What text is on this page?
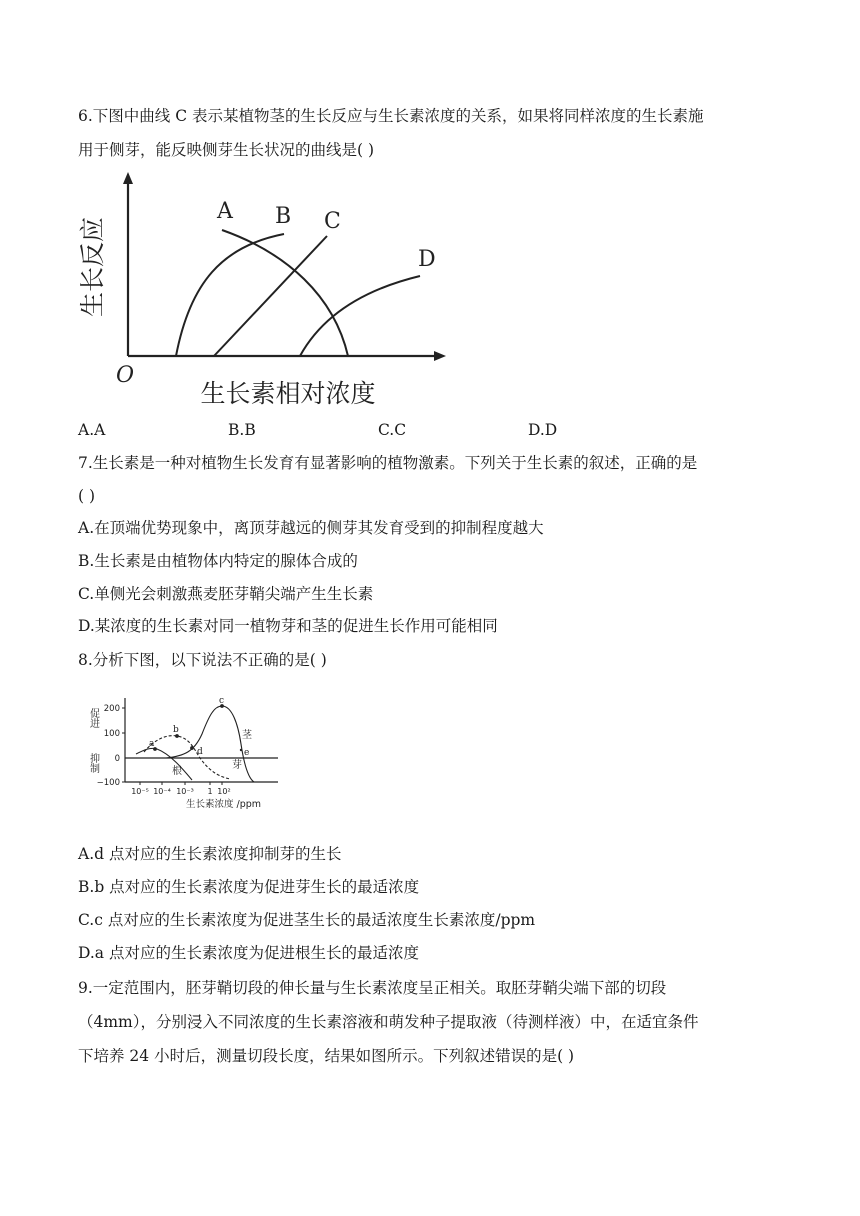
6.下图中曲线 C 表示某植物茎的生长反应与生长素浓度的关系，如果将同样浓度的生长素施
用于侧芽，能反映侧芽生长状况的曲线是( )
A B C
D
O
生长反应
生长素相对浓度
A.A	B.B	C.C	D.D
7.生长素是一种对植物生长发育有显著影响的植物激素。下列关于生长素的叙述，正确的是
( )
A.在顶端优势现象中，离顶芽越远的侧芽其发育受到的抑制程度越大
B.生长素是由植物体内特定的腺体合成的
C.单侧光会刺激燕麦胚芽鞘尖端产生生长素
D.某浓度的生长素对同一植物芽和茎的促进生长作用可能相同
8.分析下图，以下说法不正确的是( )
a
b
c
d	e
根
芽
茎
200
100
0
−100
促进
抑制
10⁻⁵ 10⁻⁴ 10⁻³ 1 10²
生长素浓度 /ppm
A.d 点对应的生长素浓度抑制芽的生长
B.b 点对应的生长素浓度为促进芽生长的最适浓度
C.c 点对应的生长素浓度为促进茎生长的最适浓度生长素浓度/ppm
D.a 点对应的生长素浓度为促进根生长的最适浓度
9.一定范围内，胚芽鞘切段的伸长量与生长素浓度呈正相关。取胚芽鞘尖端下部的切段
（4mm），分别浸入不同浓度的生长素溶液和萌发种子提取液（待测样液）中，在适宜条件
下培养 24 小时后，测量切段长度，结果如图所示。下列叙述错误的是( )
